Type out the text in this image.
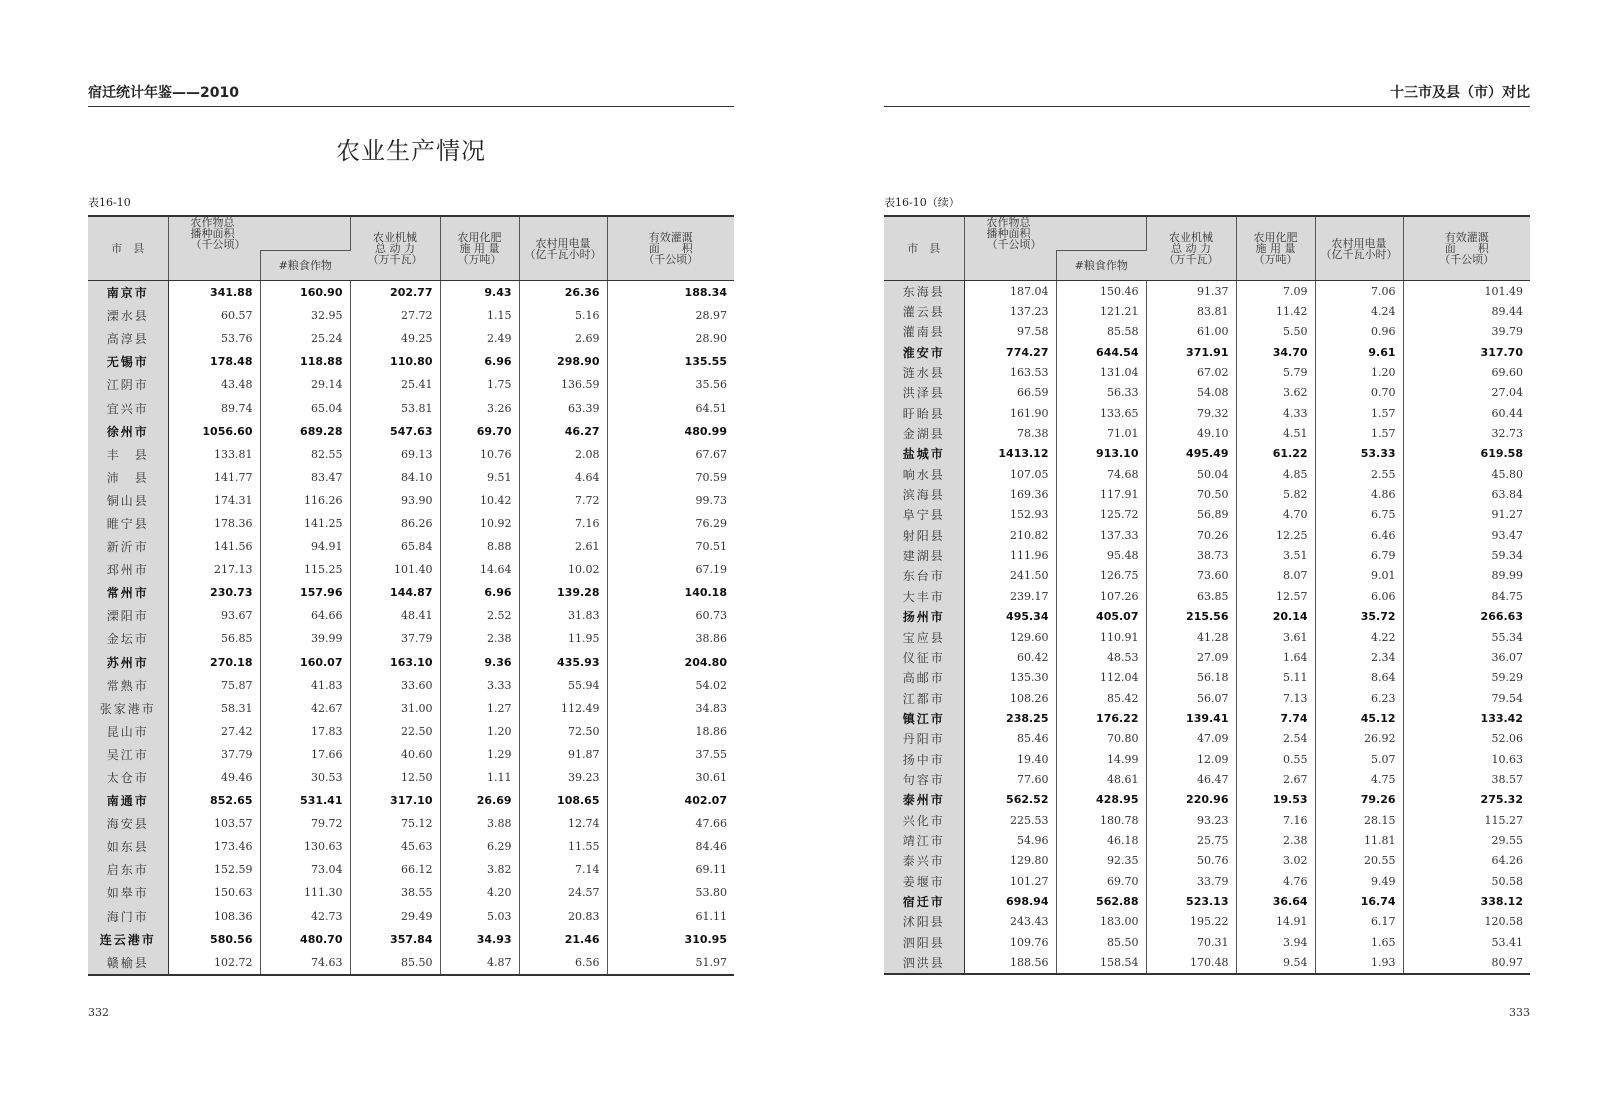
宿迁统计年鉴——2010
农业生产情况
表16-10
市　县	农作物总
播种面积
（千公顷）		农业机械
总 动 力
（万千瓦）	农用化肥
施 用 量
（万吨）	农村用电量
（亿千瓦小时）	有效灌溉
面　　积
（千公顷）
		#粮食作物				
南京市	341.88	160.90	202.77	9.43	26.36	188.34
溧水县	60.57	32.95	27.72	1.15	5.16	28.97
高淳县	53.76	25.24	49.25	2.49	2.69	28.90
无锡市	178.48	118.88	110.80	6.96	298.90	135.55
江阴市	43.48	29.14	25.41	1.75	136.59	35.56
宜兴市	89.74	65.04	53.81	3.26	63.39	64.51
徐州市	1056.60	689.28	547.63	69.70	46.27	480.99
丰　县	133.81	82.55	69.13	10.76	2.08	67.67
沛　县	141.77	83.47	84.10	9.51	4.64	70.59
铜山县	174.31	116.26	93.90	10.42	7.72	99.73
睢宁县	178.36	141.25	86.26	10.92	7.16	76.29
新沂市	141.56	94.91	65.84	8.88	2.61	70.51
邳州市	217.13	115.25	101.40	14.64	10.02	67.19
常州市	230.73	157.96	144.87	6.96	139.28	140.18
溧阳市	93.67	64.66	48.41	2.52	31.83	60.73
金坛市	56.85	39.99	37.79	2.38	11.95	38.86
苏州市	270.18	160.07	163.10	9.36	435.93	204.80
常熟市	75.87	41.83	33.60	3.33	55.94	54.02
张家港市	58.31	42.67	31.00	1.27	112.49	34.83
昆山市	27.42	17.83	22.50	1.20	72.50	18.86
吴江市	37.79	17.66	40.60	1.29	91.87	37.55
太仓市	49.46	30.53	12.50	1.11	39.23	30.61
南通市	852.65	531.41	317.10	26.69	108.65	402.07
海安县	103.57	79.72	75.12	3.88	12.74	47.66
如东县	173.46	130.63	45.63	6.29	11.55	84.46
启东市	152.59	73.04	66.12	3.82	7.14	69.11
如皋市	150.63	111.30	38.55	4.20	24.57	53.80
海门市	108.36	42.73	29.49	5.03	20.83	61.11
连云港市	580.56	480.70	357.84	34.93	21.46	310.95
赣榆县	102.72	74.63	85.50	4.87	6.56	51.97
332
十三市及县（市）对比
表16-10（续）
市　县	农作物总
播种面积
（千公顷）		农业机械
总 动 力
（万千瓦）	农用化肥
施 用 量
（万吨）	农村用电量
（亿千瓦小时）	有效灌溉
面　　积
（千公顷）
		#粮食作物				
东海县	187.04	150.46	91.37	7.09	7.06	101.49
灌云县	137.23	121.21	83.81	11.42	4.24	89.44
灌南县	97.58	85.58	61.00	5.50	0.96	39.79
淮安市	774.27	644.54	371.91	34.70	9.61	317.70
涟水县	163.53	131.04	67.02	5.79	1.20	69.60
洪泽县	66.59	56.33	54.08	3.62	0.70	27.04
盱眙县	161.90	133.65	79.32	4.33	1.57	60.44
金湖县	78.38	71.01	49.10	4.51	1.57	32.73
盐城市	1413.12	913.10	495.49	61.22	53.33	619.58
响水县	107.05	74.68	50.04	4.85	2.55	45.80
滨海县	169.36	117.91	70.50	5.82	4.86	63.84
阜宁县	152.93	125.72	56.89	4.70	6.75	91.27
射阳县	210.82	137.33	70.26	12.25	6.46	93.47
建湖县	111.96	95.48	38.73	3.51	6.79	59.34
东台市	241.50	126.75	73.60	8.07	9.01	89.99
大丰市	239.17	107.26	63.85	12.57	6.06	84.75
扬州市	495.34	405.07	215.56	20.14	35.72	266.63
宝应县	129.60	110.91	41.28	3.61	4.22	55.34
仪征市	60.42	48.53	27.09	1.64	2.34	36.07
高邮市	135.30	112.04	56.18	5.11	8.64	59.29
江都市	108.26	85.42	56.07	7.13	6.23	79.54
镇江市	238.25	176.22	139.41	7.74	45.12	133.42
丹阳市	85.46	70.80	47.09	2.54	26.92	52.06
扬中市	19.40	14.99	12.09	0.55	5.07	10.63
句容市	77.60	48.61	46.47	2.67	4.75	38.57
泰州市	562.52	428.95	220.96	19.53	79.26	275.32
兴化市	225.53	180.78	93.23	7.16	28.15	115.27
靖江市	54.96	46.18	25.75	2.38	11.81	29.55
泰兴市	129.80	92.35	50.76	3.02	20.55	64.26
姜堰市	101.27	69.70	33.79	4.76	9.49	50.58
宿迁市	698.94	562.88	523.13	36.64	16.74	338.12
沭阳县	243.43	183.00	195.22	14.91	6.17	120.58
泗阳县	109.76	85.50	70.31	3.94	1.65	53.41
泗洪县	188.56	158.54	170.48	9.54	1.93	80.97
333
